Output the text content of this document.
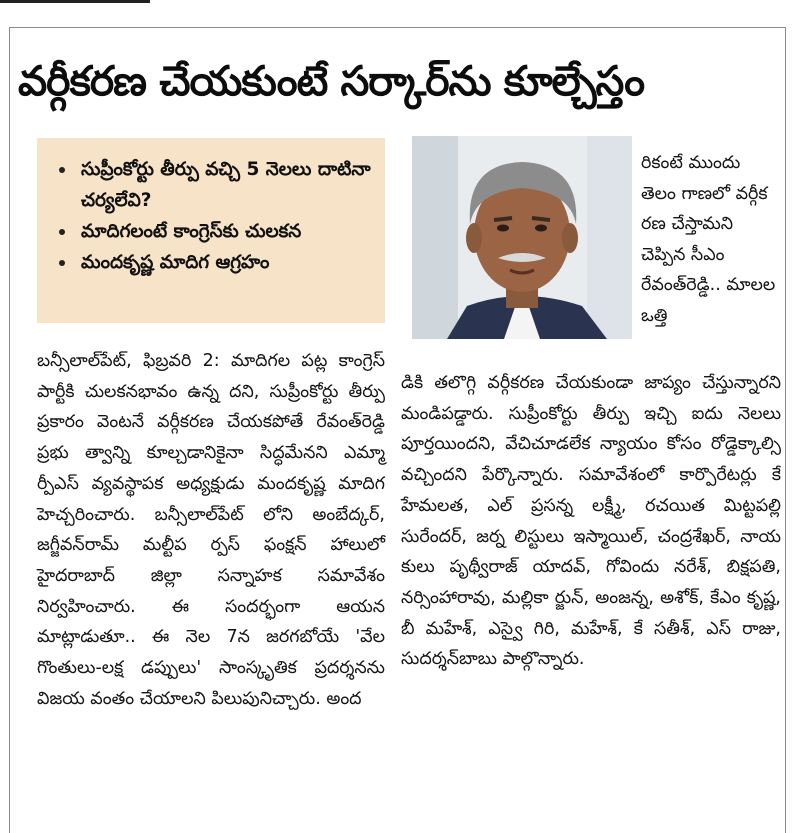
వర్గీకరణ చేయకుంటే సర్కార్‌ను కూల్చేస్తం
సుప్రీంకోర్టు తీర్పు వచ్చి 5 నెలలు దాటినా చర్యలేవి?
మాదిగలంటే కాంగ్రెస్‌కు చులకన
మందకృష్ణ మాదిగ ఆగ్రహం

బన్సీలాల్‌పేట్, ఫిబ్రవరి 2: మాదిగల పట్ల కాంగ్రెస్ పార్టీకి చులకనభావం ఉన్న దని, సుప్రీంకోర్టు తీర్పు ప్రకారం వెంటనే వర్గీకరణ చేయకపోతే రేవంత్‌రెడ్డి ప్రభు త్వాన్ని కూల్చడానికైనా సిద్ధమేనని ఎమ్మా ర్పీఎస్ వ్యవస్థాపక అధ్యక్షుడు మందకృష్ణ మాదిగ హెచ్చరించారు. బన్సీలాల్‌పేట్ లోని అంబేద్కర్, జగ్జీవన్‌రామ్ మల్టీప ర్పస్ ఫంక్షన్ హాలులో హైదరాబాద్ జిల్లా సన్నాహక సమావేశం నిర్వహించారు. ఈ సందర్భంగా ఆయన మాట్లాడుతూ.. ఈ నెల 7న జరగబోయే 'వేల గొంతులు-లక్ష డప్పులు' సాంస్కృతిక ప్రదర్శనను విజయ వంతం చేయాలని పిలుపునిచ్చారు. అంద

రికంటే ముందు తెలం గాణలో వర్గీక రణ చేస్తామని చెప్పిన సీఎం రేవంత్‌రెడ్డి.. మాలల ఒత్తి

డికి తలొగ్గి వర్గీకరణ చేయకుండా జాప్యం చేస్తున్నారని మండిపడ్డారు. సుప్రీంకోర్టు తీర్పు ఇచ్చి ఐదు నెలలు పూర్తయిందని, వేచిచూడలేక న్యాయం కోసం రోడ్డెక్కాల్సి వచ్చిందని పేర్కొన్నారు. సమావేశంలో కార్పొరేటర్లు కే హేమలత, ఎల్ ప్రసన్న లక్ష్మీ, రచయిత మిట్టపల్లి సురేందర్, జర్న లిస్టులు ఇస్మాయిల్, చంద్రశేఖర్, నాయ కులు పృథ్వీరాజ్ యాదవ్, గోవిందు నరేశ్, బిక్షపతి, నర్సింహారావు, మల్లికా ర్జున్, అంజన్న, అశోక్, కేఎం కృష్ణ, బీ మహేశ్, ఎస్వై గిరి, మహేశ్, కే సతీశ్, ఎస్ రాజు, సుదర్శన్‌బాబు పాల్గొన్నారు.
